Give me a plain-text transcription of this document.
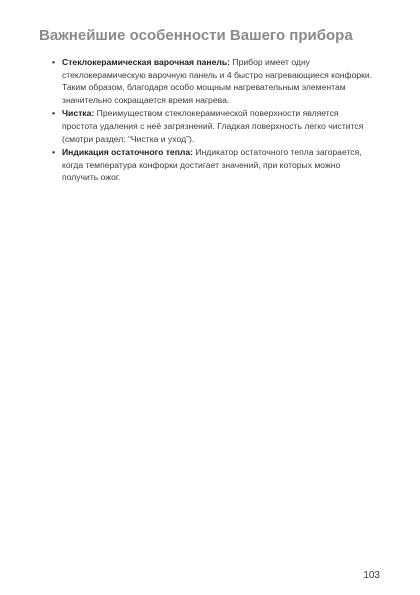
Важнейшие особенности Вашего прибора
• Стеклокерамическая варочная панель: Прибор имеет одну стеклокерамическую варочную панель и 4 быстро нагревающиеся конфорки. Таким образом, благодаря особо мощным нагревательным элементам значительно сокращается время нагрева.
• Чистка: Преимуществом стеклокерамической поверхности является простота удаления с неё загрязнений. Гладкая поверхность легко чистится (смотри раздел: “Чистка и уход”).
• Индикация остаточного тепла: Индикатор остаточного тепла загорается, когда температура конфорки достигает значений, при которых можно получить ожог.
103
